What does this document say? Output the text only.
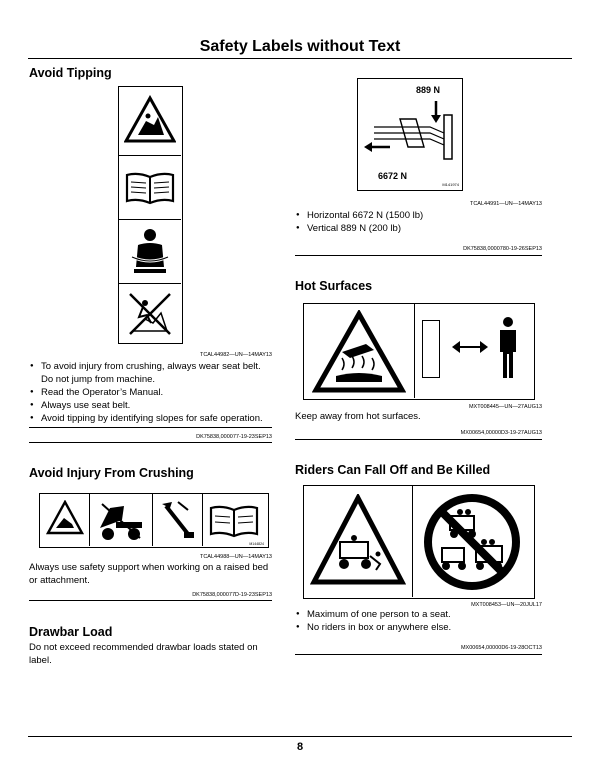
Safety Labels without Text
Avoid Tipping
TCAL44982—UN—14MAY13
● To avoid injury from crushing, always wear seat belt. Do not jump from machine.
● Read the Operator’s Manual.
● Always use seat belt.
● Avoid tipping by identifying slopes for safe operation.
DK75838,000077-19-23SEP13
Avoid Injury From Crushing
M144824
TCAL44988—UN—14MAY13
Always use safety support when working on a raised bed or attachment.
DK75838,000077D-19-23SEP13
Drawbar Load
Do not exceed recommended drawbar loads stated on label.
889 N
6672 N
M141974
TCAL44991—UN—14MAY13
● Horizontal 6672 N (1500 lb)
● Vertical 889 N (200 lb)
DK75838,0000780-19-26SEP13
Hot Surfaces
MXT008445—UN—27AUG13
Keep away from hot surfaces.
MX00654,00000D3-19-27AUG13
Riders Can Fall Off and Be Killed
MXT008453—UN—20JUL17
● Maximum of one person to a seat.
● No riders in box or anywhere else.
MX00654,00000D6-19-28OCT13
8
